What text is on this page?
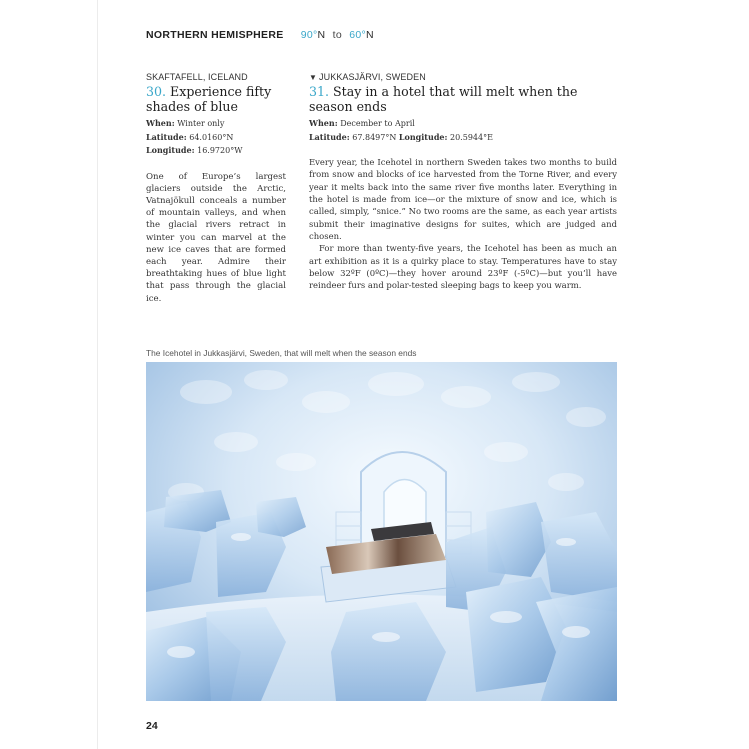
NORTHERN HEMISPHERE 90°N to 60°N
SKAFTAFELL, ICELAND
30. Experience fifty shades of blue
When: Winter only
Latitude: 64.0160°N
Longitude: 16.9720°W

One of Europe’s largest glaciers outside the Arctic, Vatnajökull conceals a number of mountain valleys, and when the glacial rivers retract in winter you can marvel at the new ice caves that are formed each year. Admire their breathtaking hues of blue light that pass through the glacial ice.

▼ JUKKASJÄRVI, SWEDEN
31. Stay in a hotel that will melt when the season ends
When: December to April
Latitude: 67.8497°N Longitude: 20.5944°E

Every year, the Icehotel in northern Sweden takes two months to build from snow and blocks of ice harvested from the Torne River, and every year it melts back into the same river five months later. Everything in the hotel is made from ice—or the mixture of snow and ice, which is called, simply, “snice.” No two rooms are the same, as each year artists submit their imaginative designs for suites, which are judged and chosen.

For more than twenty-five years, the Icehotel has been as much an art exhibition as it is a quirky place to stay. Temperatures have to stay below 32ºF (0ºC)—they hover around 23ºF (-5ºC)—but you’ll have reindeer furs and polar-tested sleeping bags to keep you warm.

The Icehotel in Jukkasjärvi, Sweden, that will melt when the season ends
24
